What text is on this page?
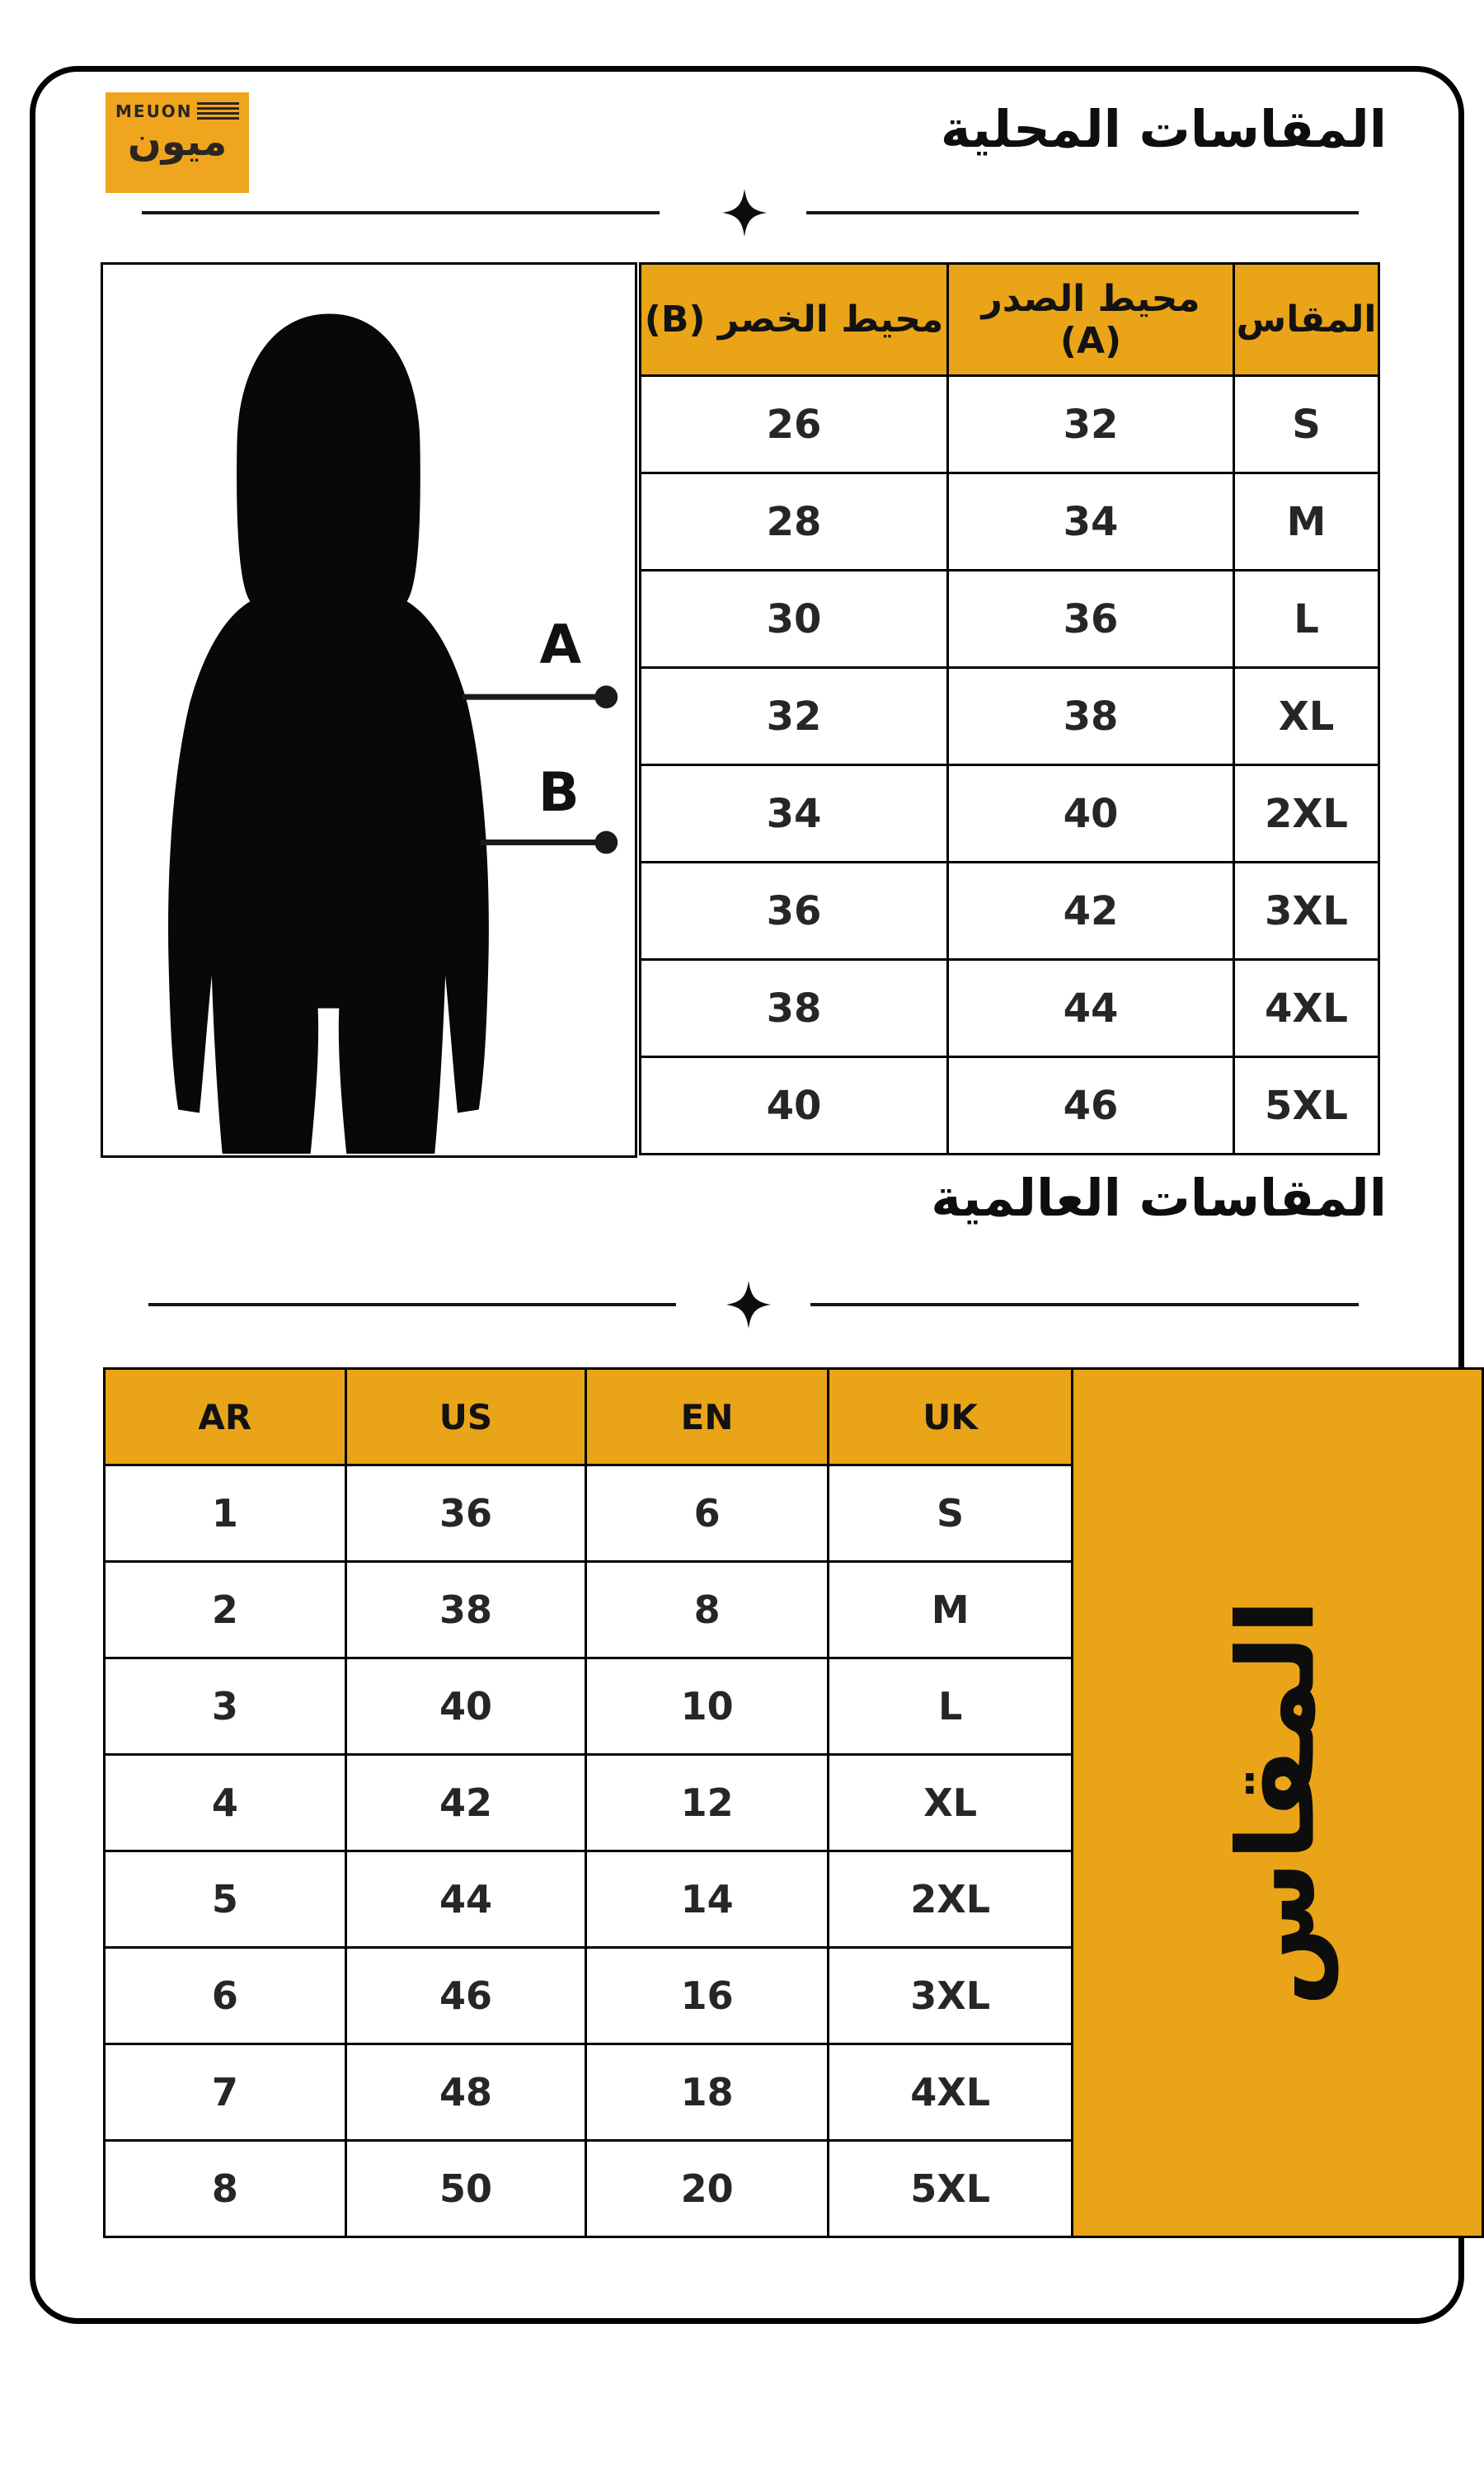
MEUON
ميون	المقاسات المحلية
A
B
المقاس	محيط الصدر (A)	محيط الخصر (B)
S	32	26
M	34	28
L	36	30
XL	38	32
2XL	40	34
3XL	42	36
4XL	44	38
5XL	46	40
المقاسات العالمية
AR	US	EN	UK	المقاس

1	36	6	S	
2	38	8	M	
3	40	10	L	
4	42	12	XL	
5	44	14	2XL	
6	46	16	3XL	
7	48	18	4XL	
8	50	20	5XL	
